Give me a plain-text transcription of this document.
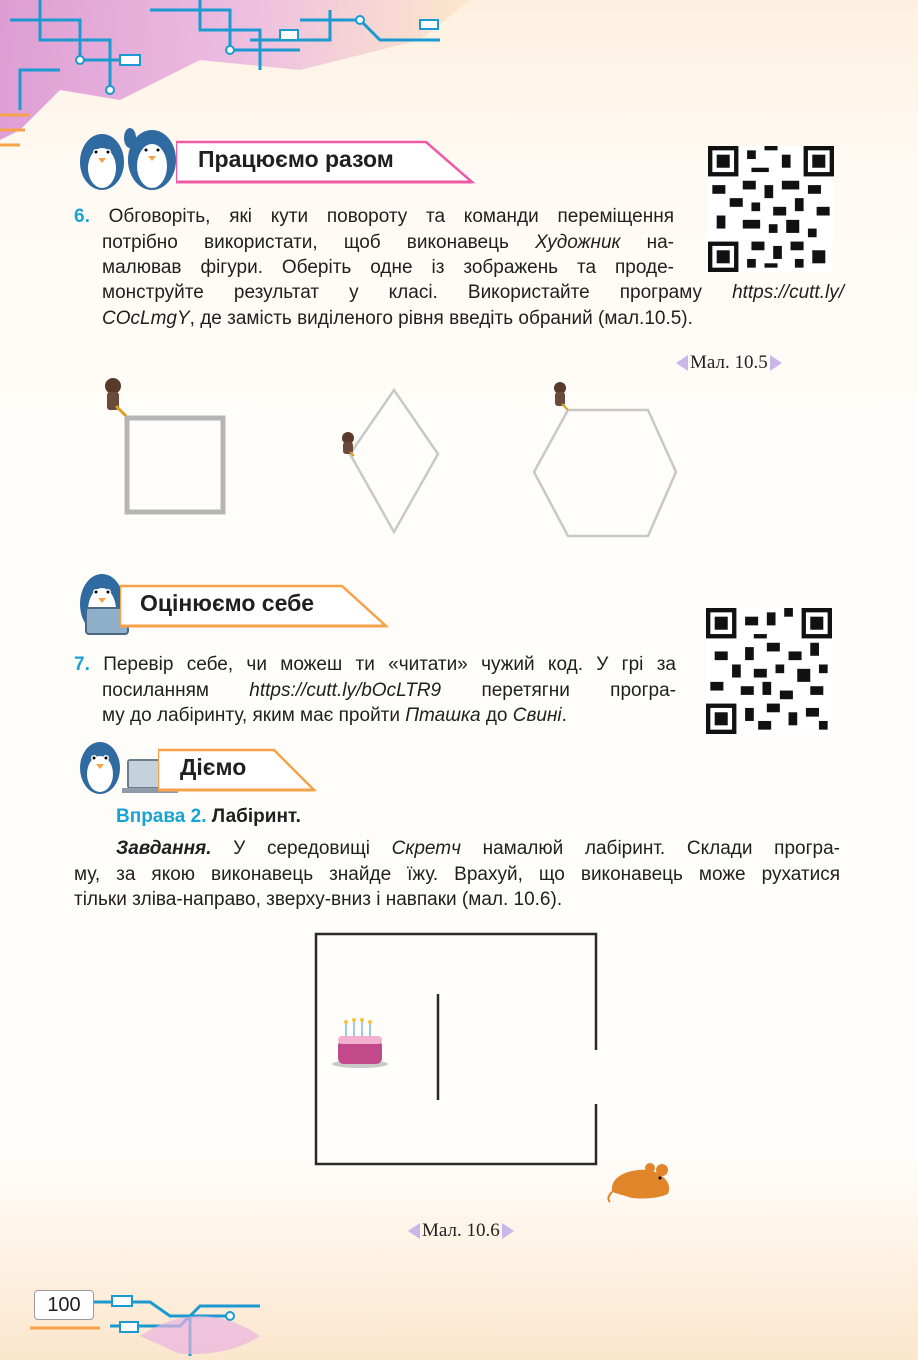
Працюємо разом

6. Обговоріть, які кути повороту та команди переміщення

потрібно використати, щоб виконавець Художник на-

малював фігури. Оберіть одне із зображень та проде-

монструйте результат у класі. Використайте програму https://cutt.ly/

COcLmgY, де замість виділеного рівня введіть обраний (мал.10.5).

Мал. 10.5
Оцінюємо себе

7. Перевір себе, чи можеш ти «читати» чужий код. У грі за

посиланням https://cutt.ly/bOcLTR9 перетягни програ-

му до лабіринту, яким має пройти Пташка до Свині.

Діємо

Вправа 2. Лабіринт.

Завдання. У середовищі Скретч намалюй лабіринт. Склади програ-

му, за якою виконавець знайде їжу. Врахуй, що виконавець може рухатися

тільки зліва-направо, зверху-вниз і навпаки (мал. 10.6).

Мал. 10.6
100
